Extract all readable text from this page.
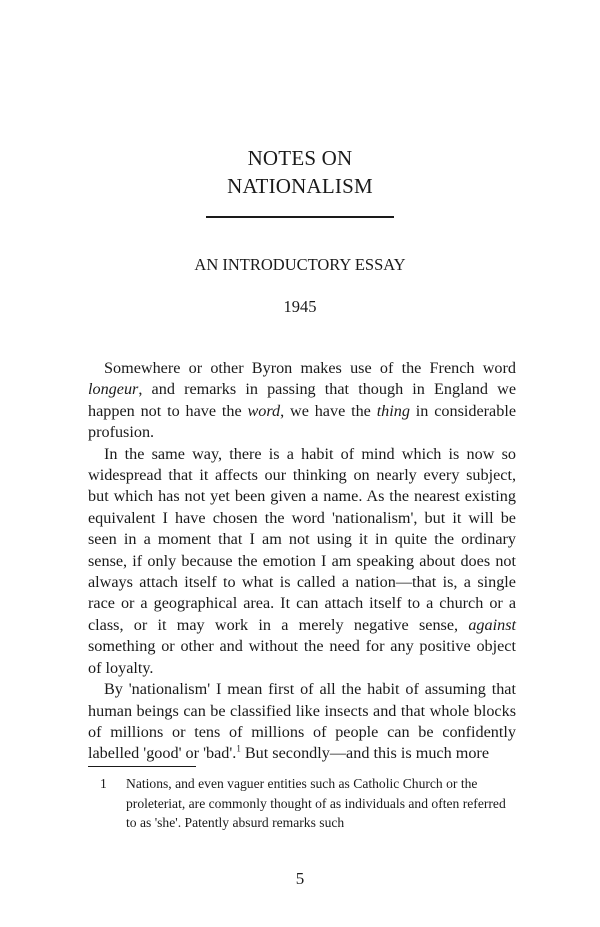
NOTES ON
NATIONALISM
AN INTRODUCTORY ESSAY
1945

Somewhere or other Byron makes use of the French word longeur, and remarks in passing that though in England we happen not to have the word, we have the thing in considerable profusion.

In the same way, there is a habit of mind which is now so widespread that it affects our thinking on nearly every subject, but which has not yet been given a name. As the nearest existing equivalent I have chosen the word 'nationalism', but it will be seen in a moment that I am not using it in quite the ordinary sense, if only because the emotion I am speaking about does not always attach itself to what is called a nation—that is, a single race or a geographical area. It can attach itself to a church or a class, or it may work in a merely negative sense, against something or other and without the need for any positive object of loyalty.

By 'nationalism' I mean first of all the habit of assuming that human beings can be classified like insects and that whole blocks of millions or tens of millions of people can be confidently labelled 'good' or 'bad'.$^1$ But secondly—and this is much more

1 Nations, and even vaguer entities such as Catholic Church or the proleteriat, are commonly thought of as individuals and often referred to as 'she'. Patently absurd remarks such
5
